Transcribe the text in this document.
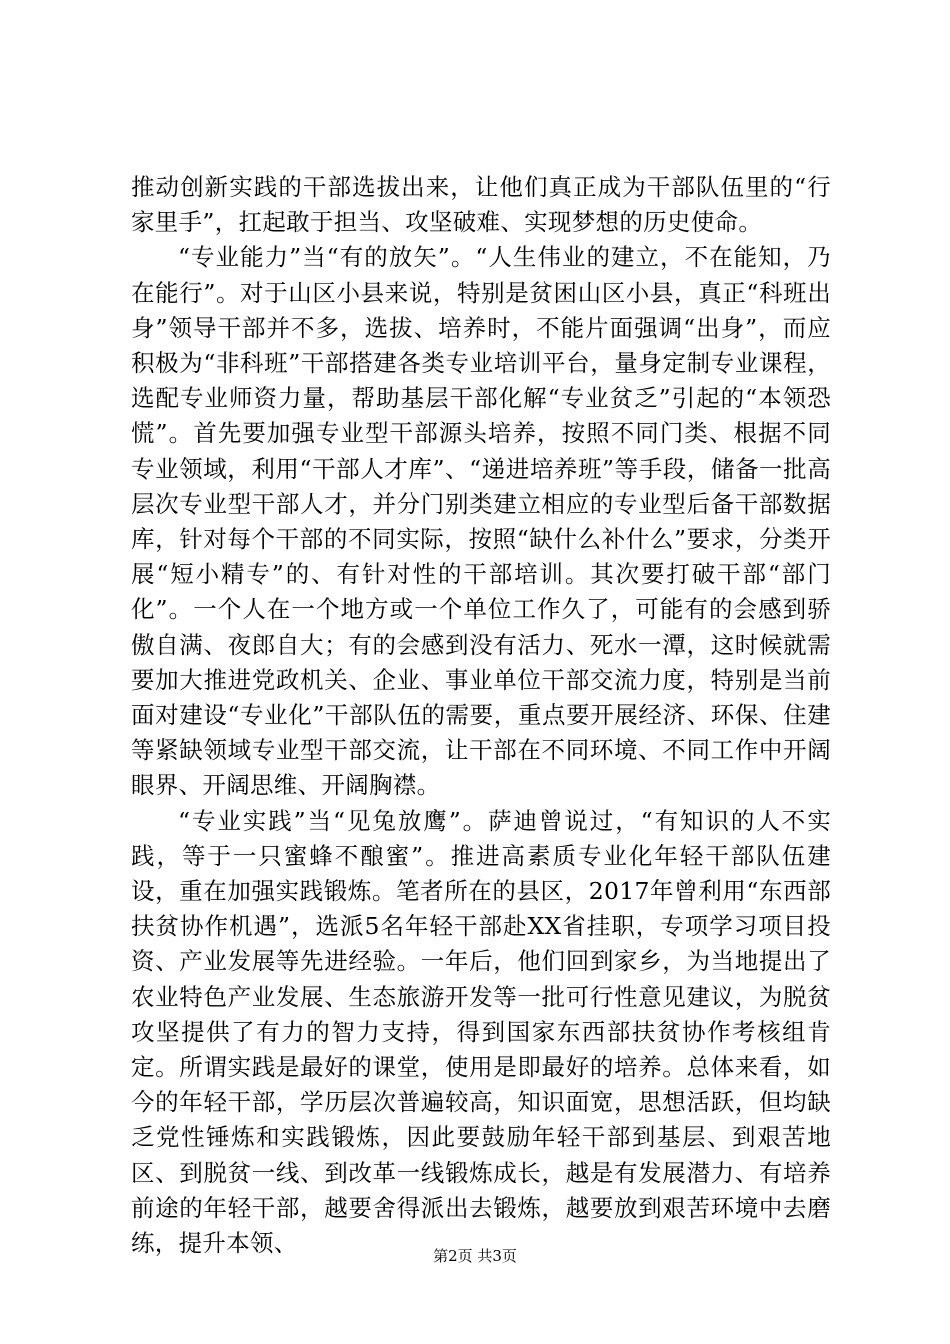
推动创新实践的干部选拔出来，让他们真正成为干部队伍里的“行家里手”，扛起敢于担当、攻坚破难、实现梦想的历史使命。

“专业能力”当“有的放矢”。“人生伟业的建立，不在能知，乃在能行”。对于山区小县来说，特别是贫困山区小县，真正“科班出身”领导干部并不多，选拔、培养时，不能片面强调“出身”，而应积极为“非科班”干部搭建各类专业培训平台，量身定制专业课程，选配专业师资力量，帮助基层干部化解“专业贫乏”引起的“本领恐慌”。首先要加强专业型干部源头培养，按照不同门类、根据不同专业领域，利用“干部人才库”、“递进培养班”等手段，储备一批高层次专业型干部人才，并分门别类建立相应的专业型后备干部数据库，针对每个干部的不同实际，按照“缺什么补什么”要求，分类开展“短小精专”的、有针对性的干部培训。其次要打破干部“部门化”。一个人在一个地方或一个单位工作久了，可能有的会感到骄傲自满、夜郎自大；有的会感到没有活力、死水一潭，这时候就需要加大推进党政机关、企业、事业单位干部交流力度，特别是当前面对建设“专业化”干部队伍的需要，重点要开展经济、环保、住建等紧缺领域专业型干部交流，让干部在不同环境、不同工作中开阔眼界、开阔思维、开阔胸襟。

“专业实践”当“见兔放鹰”。萨迪曾说过，“有知识的人不实践，等于一只蜜蜂不酿蜜”。推进高素质专业化年轻干部队伍建设，重在加强实践锻炼。笔者所在的县区，2017年曾利用“东西部扶贫协作机遇”，选派5名年轻干部赴XX省挂职，专项学习项目投资、产业发展等先进经验。一年后，他们回到家乡，为当地提出了农业特色产业发展、生态旅游开发等一批可行性意见建议，为脱贫攻坚提供了有力的智力支持，得到国家东西部扶贫协作考核组肯定。所谓实践是最好的课堂，使用是即最好的培养。总体来看，如今的年轻干部，学历层次普遍较高，知识面宽，思想活跃，但均缺乏党性锤炼和实践锻炼，因此要鼓励年轻干部到基层、到艰苦地区、到脱贫一线、到改革一线锻炼成长，越是有发展潜力、有培养前途的年轻干部，越要舍得派出去锻炼，越要放到艰苦环境中去磨练，提升本领、	第2页 共3页
